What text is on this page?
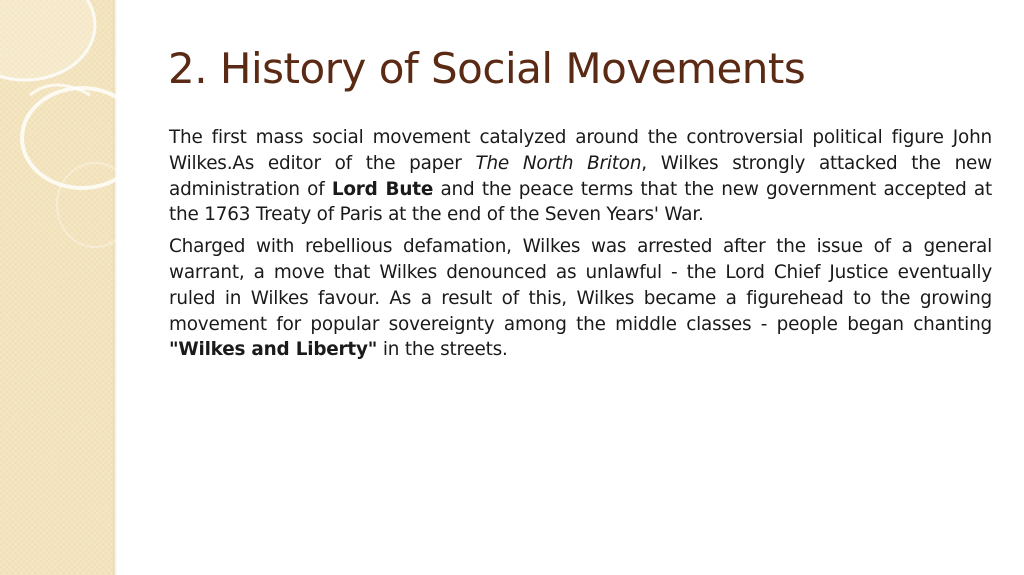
2. History of Social Movements

The first mass social movement catalyzed around the controversial political figure John Wilkes.As editor of the paper The North Briton, Wilkes strongly attacked the new administration of Lord Bute and the peace terms that the new government accepted at the 1763 Treaty of Paris at the end of the Seven Years' War.

Charged with rebellious defamation, Wilkes was arrested after the issue of a general warrant, a move that Wilkes denounced as unlawful - the Lord Chief Justice eventually ruled in Wilkes favour. As a result of this, Wilkes became a figurehead to the growing movement for popular sovereignty among the middle classes - people began chanting "Wilkes and Liberty" in the streets.
